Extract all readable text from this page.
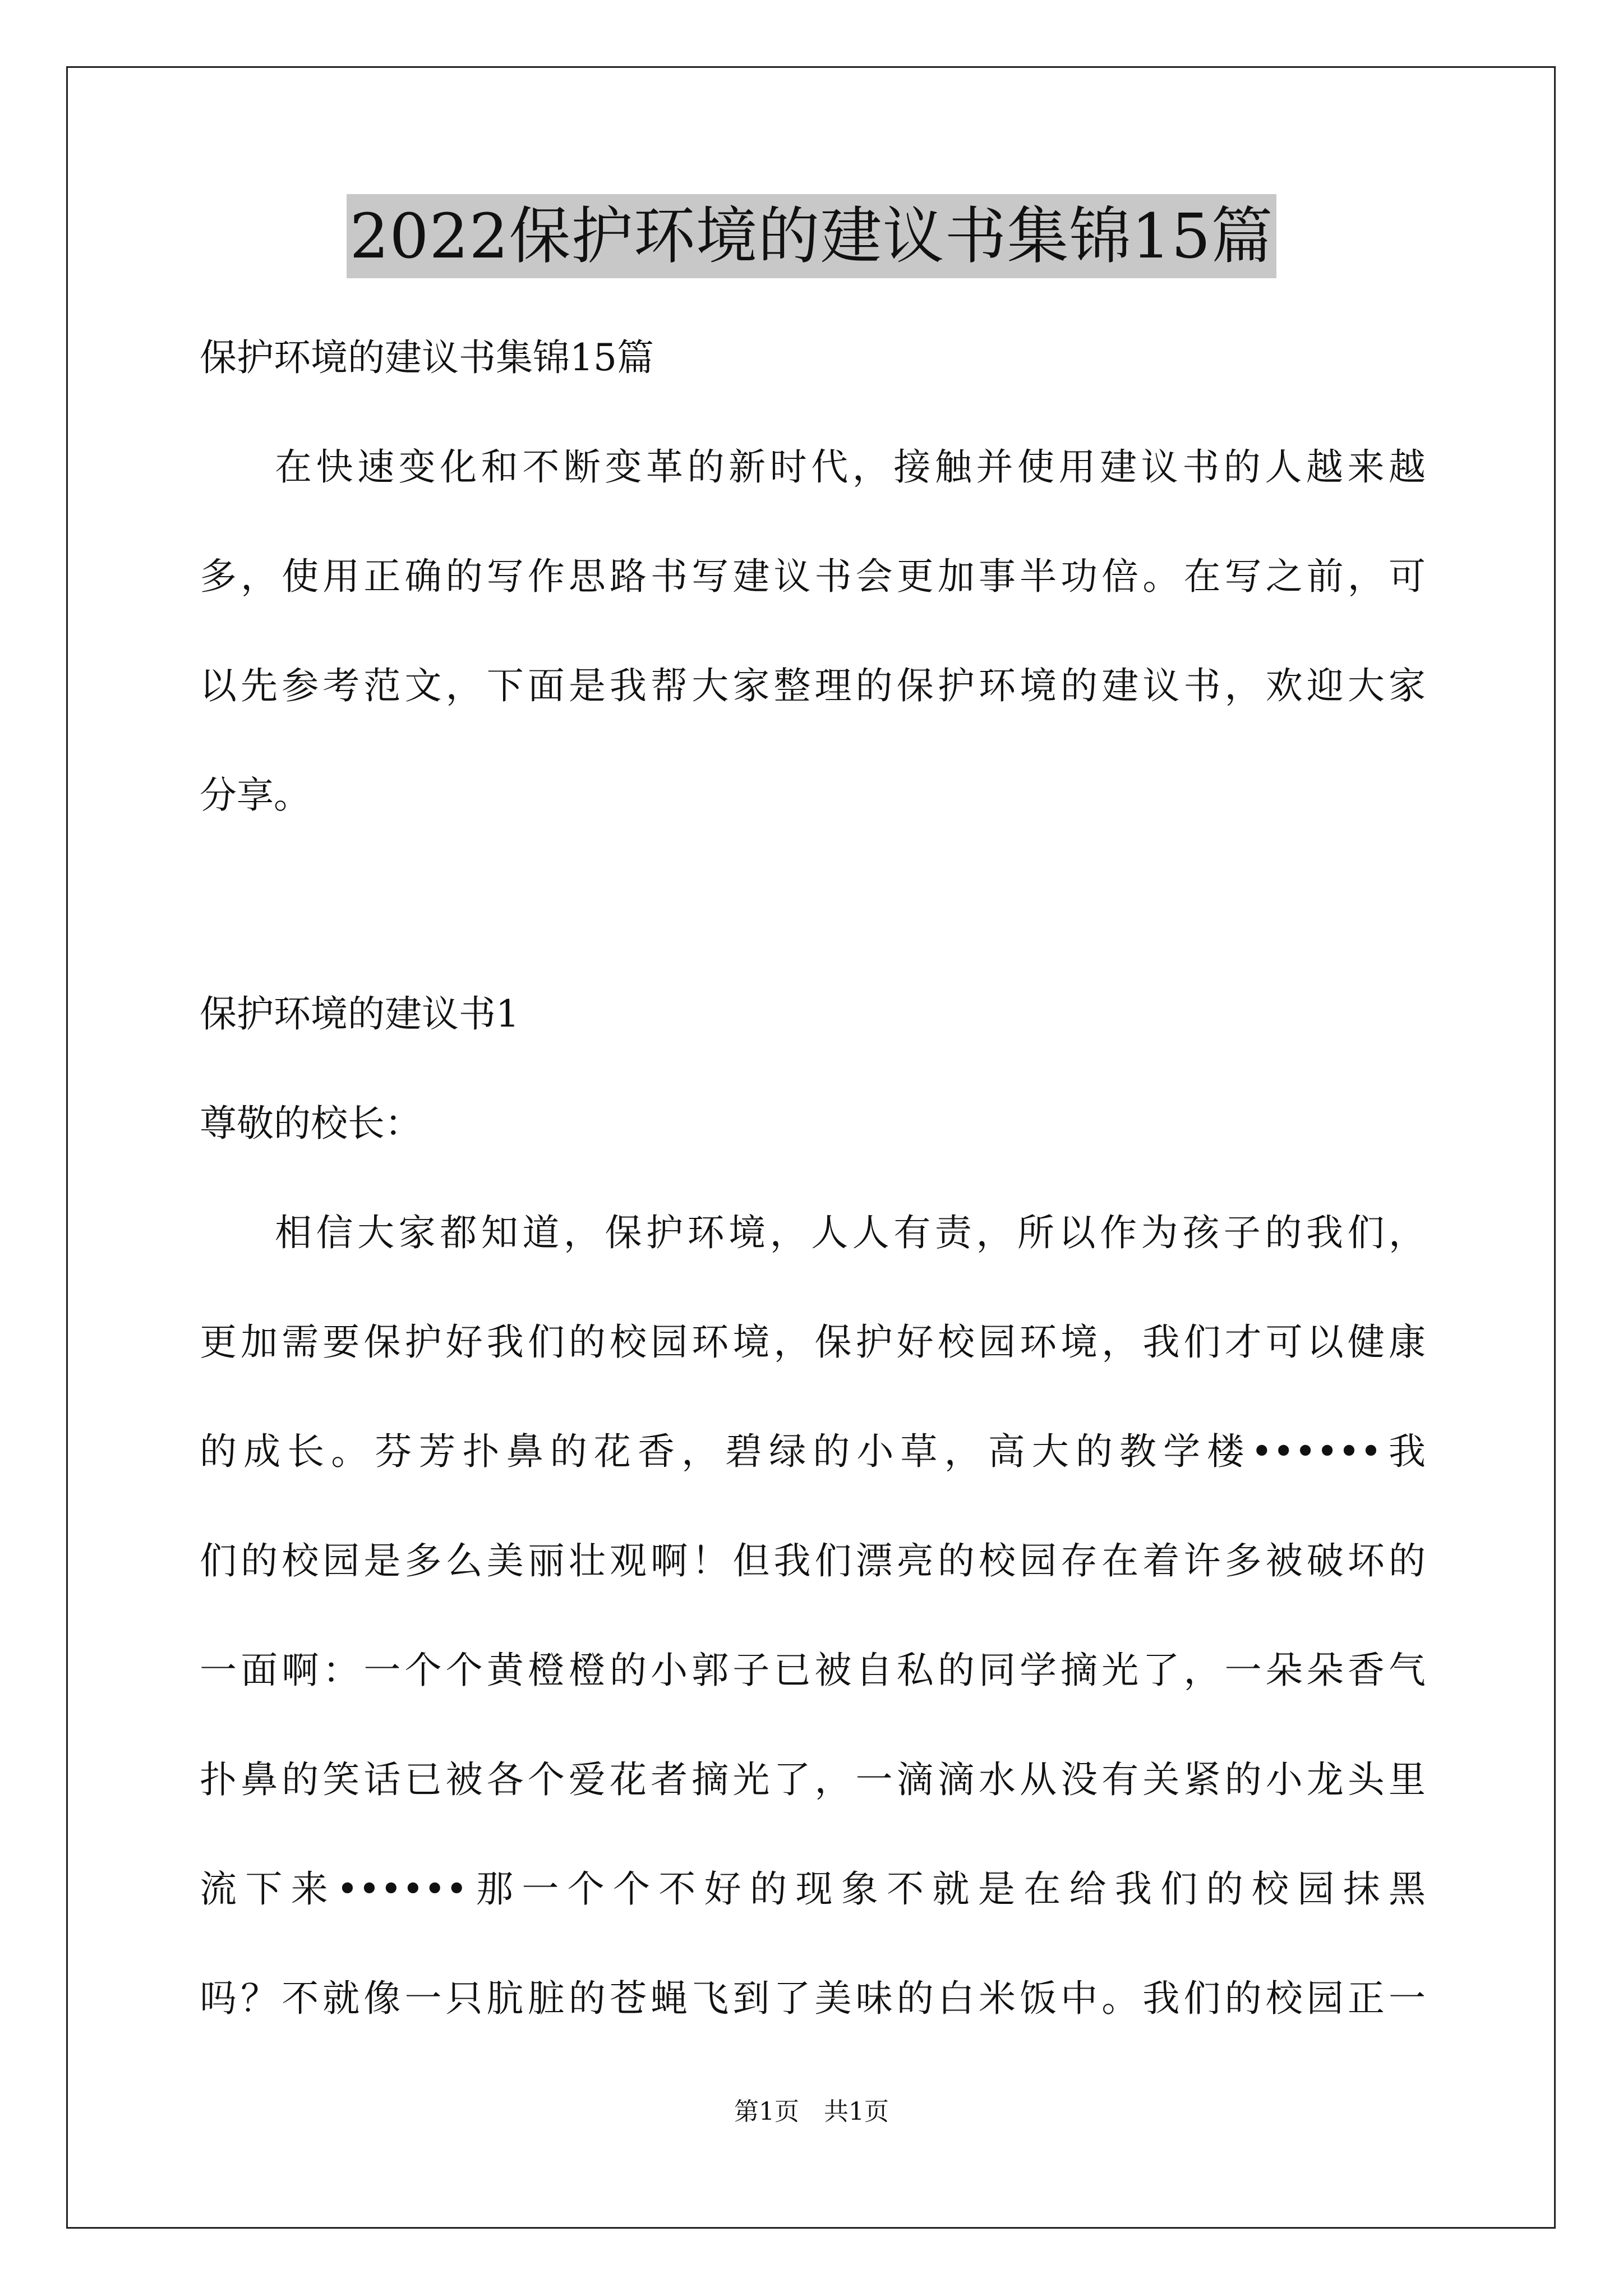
2022保护环境的建议书集锦15篇
保护环境的建议书集锦15篇
在快速变化和不断变革的新时代，接触并使用建议书的人越来越
多，使用正确的写作思路书写建议书会更加事半功倍。在写之前，可
以先参考范文，下面是我帮大家整理的保护环境的建议书，欢迎大家
分享。
保护环境的建议书1
尊敬的校长：
相信大家都知道，保护环境，人人有责，所以作为孩子的我们，
更加需要保护好我们的校园环境，保护好校园环境，我们才可以健康
的成长。芬芳扑鼻的花香，碧绿的小草，高大的教学楼••••••我
们的校园是多么美丽壮观啊！但我们漂亮的校园存在着许多被破坏的
一面啊：一个个黄橙橙的小郭子已被自私的同学摘光了，一朵朵香气
扑鼻的笑话已被各个爱花者摘光了，一滴滴水从没有关紧的小龙头里
流下来••••••那一个个不好的现象不就是在给我们的校园抹黑
吗？不就像一只肮脏的苍蝇飞到了美味的白米饭中。我们的校园正一
第1页　共1页
